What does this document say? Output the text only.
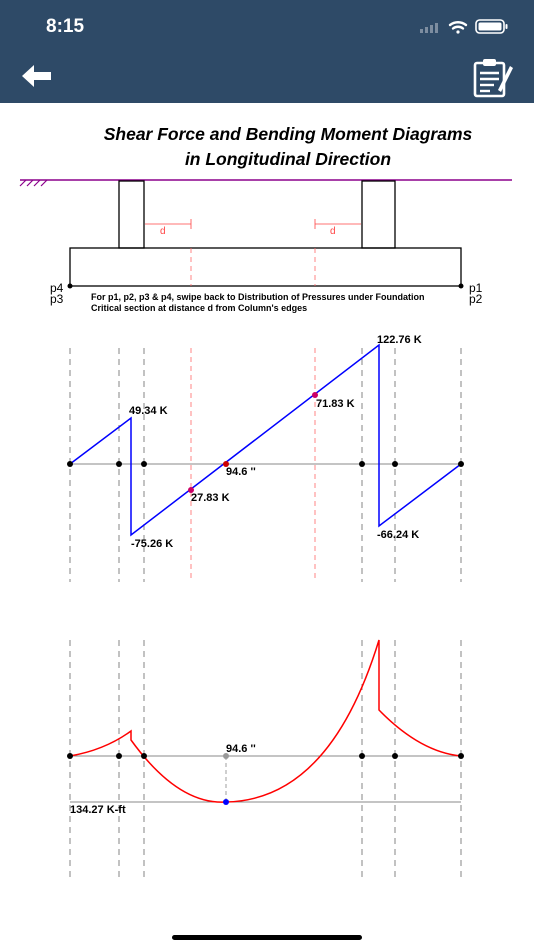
8:15
Shear Force and Bending Moment Diagrams
in Longitudinal Direction
d	d
p4
p3
p1
p2
For p1, p2, p3 & p4, swipe back to Distribution of Pressures under Foundation
Critical section at distance d from Column's edges
122.76 K
49.34 K
71.83 K
94.6 ''
27.83 K
-75.26 K
-66.24 K
94.6 ''
134.27 K-ft
